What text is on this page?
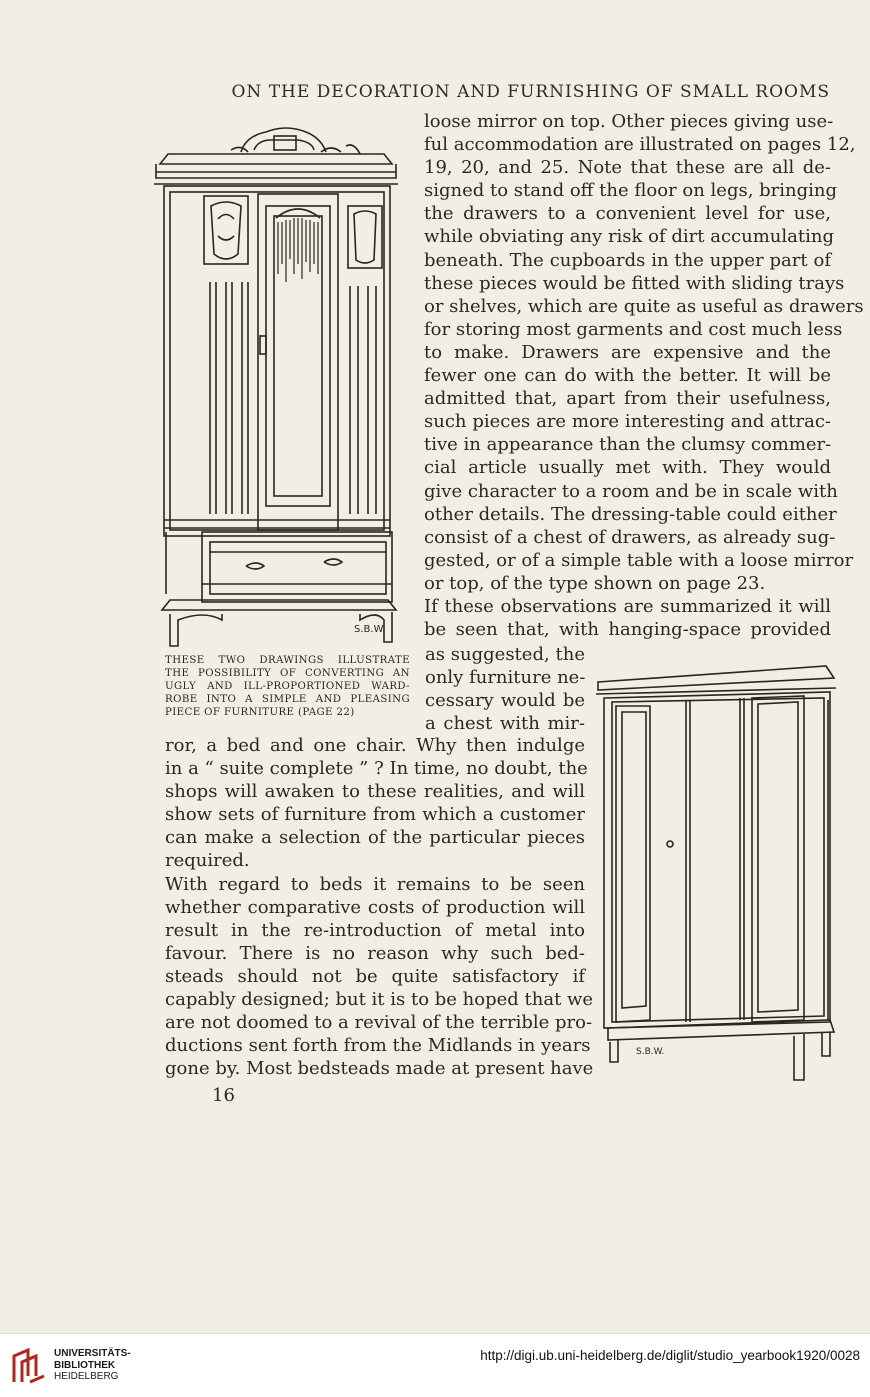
ON THE DECORATION AND FURNISHING OF SMALL ROOMS
S.B.W.
S.B.W.
loose mirror on top. Other pieces giving use-
ful accommodation are illustrated on pages 12,
19, 20, and 25. Note that these are all de-
signed to stand off the floor on legs, bringing
the drawers to a convenient level for use,
while obviating any risk of dirt accumulating
beneath. The cupboards in the upper part of
these pieces would be fitted with sliding trays
or shelves, which are quite as useful as drawers
for storing most garments and cost much less
to make. Drawers are expensive and the
fewer one can do with the better. It will be
admitted that, apart from their usefulness,
such pieces are more interesting and attrac-
tive in appearance than the clumsy commer-
cial article usually met with. They would
give character to a room and be in scale with
other details. The dressing-table could either
consist of a chest of drawers, as already sug-
gested, or of a simple table with a loose mirror
or top, of the type shown on page 23.
If these observations are summarized it will
be seen that, with hanging-space provided
THESE TWO DRAWINGS ILLUSTRATE
THE POSSIBILITY OF CONVERTING AN
UGLY AND ILL-PROPORTIONED WARD-
ROBE INTO A SIMPLE AND PLEASING
PIECE OF FURNITURE (PAGE 22)
as suggested, the
only furniture ne-
cessary would be
a chest with mir-
ror, a bed and one chair. Why then indulge
in a “ suite complete ” ? In time, no doubt, the
shops will awaken to these realities, and will
show sets of furniture from which a customer
can make a selection of the particular pieces
required.
With regard to beds it remains to be seen
whether comparative costs of production will
result in the re-introduction of metal into
favour. There is no reason why such bed-
steads should not be quite satisfactory if
capably designed; but it is to be hoped that we
are not doomed to a revival of the terrible pro-
ductions sent forth from the Midlands in years
gone by. Most bedsteads made at present have
16
UNIVERSITÄTS-
BIBLIOTHEK
HEIDELBERG
http://digi.ub.uni-heidelberg.de/diglit/studio_yearbook1920/0028
